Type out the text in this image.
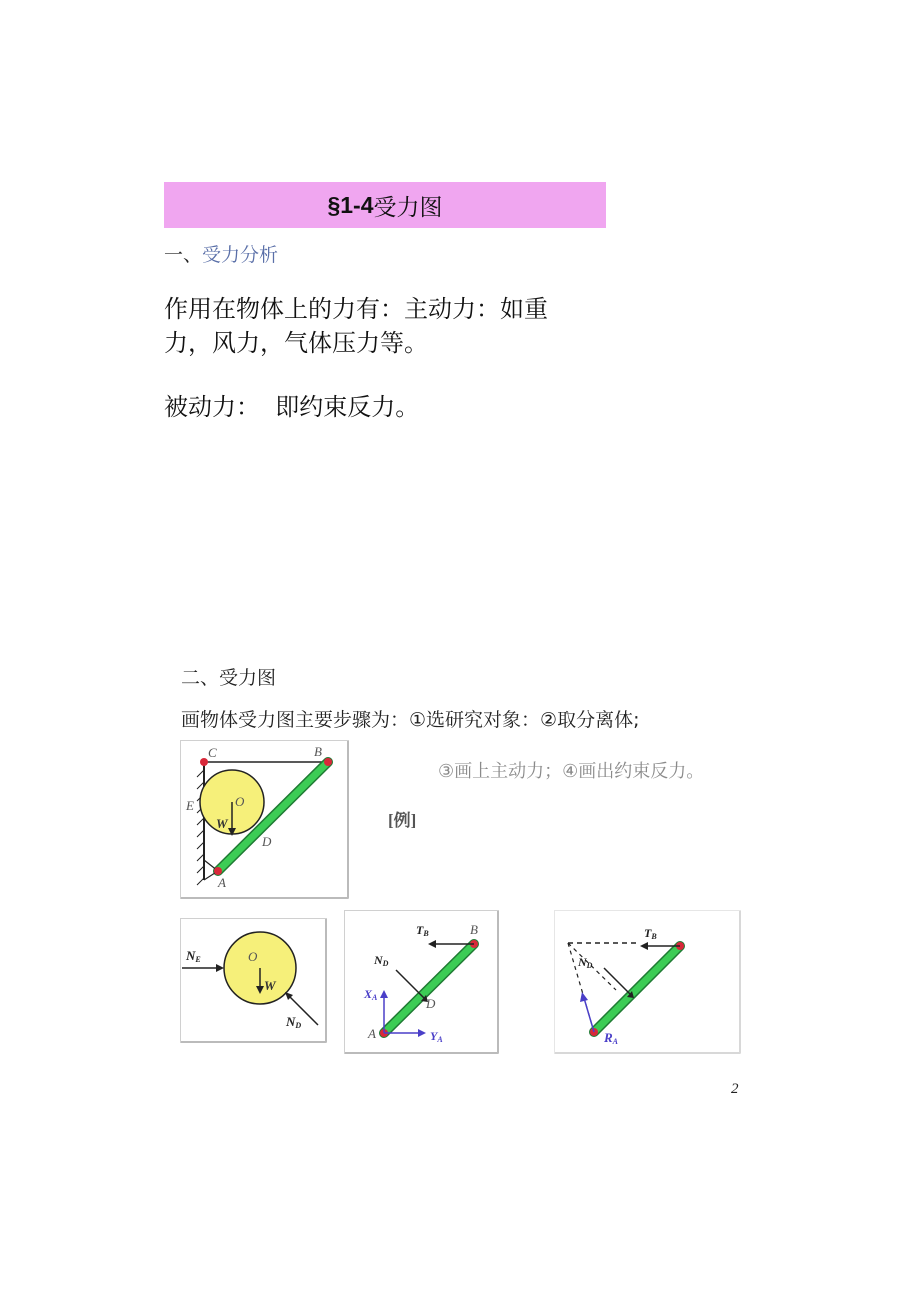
§1-4 受力图
一、受力分析
作用在物体上的力有：主动力：如重力，风力，气体压力等。
被动力：  即约束反力。
二、受力图
画物体受力图主要步骤为：①选研究对象：②取分离体;
③画上主动力；④画出约束反力。
[例]
C	B
O
E
W
D
A
NE	O
W
ND
TB	B
ND
XA	D
A	YA
TB
ND
RA
2
